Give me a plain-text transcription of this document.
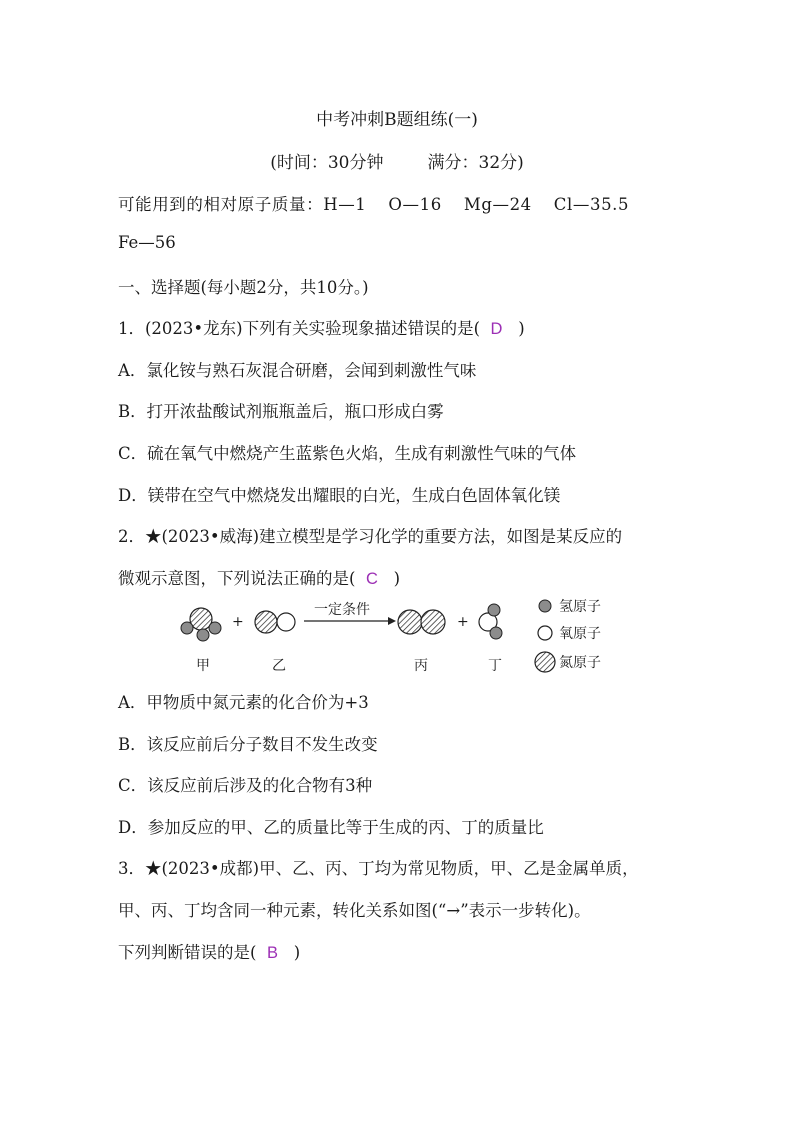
中考冲刺B题组练(一)
(时间：30分钟	满分：32分)
可能用到的相对原子质量：H—1 O—16 Mg—24 Cl—35.5
Fe—56
一、选择题(每小题2分，共10分。)
1．(2023•龙东)下列有关实验现象描述错误的是( D )
A．氯化铵与熟石灰混合研磨，会闻到刺激性气味
B．打开浓盐酸试剂瓶瓶盖后，瓶口形成白雾
C．硫在氧气中燃烧产生蓝紫色火焰，生成有刺激性气味的气体
D．镁带在空气中燃烧发出耀眼的白光，生成白色固体氧化镁
2．★(2023•威海)建立模型是学习化学的重要方法，如图是某反应的
微观示意图，下列说法正确的是( C )
+
一定条件
+
甲	乙	丙	丁
氢原子
氧原子
氮原子
A．甲物质中氮元素的化合价为+3
B．该反应前后分子数目不发生改变
C．该反应前后涉及的化合物有3种
D．参加反应的甲、乙的质量比等于生成的丙、丁的质量比
3．★(2023•成都)甲、乙、丙、丁均为常见物质，甲、乙是金属单质，
甲、丙、丁均含同一种元素，转化关系如图(“→”表示一步转化)。
下列判断错误的是( B )
